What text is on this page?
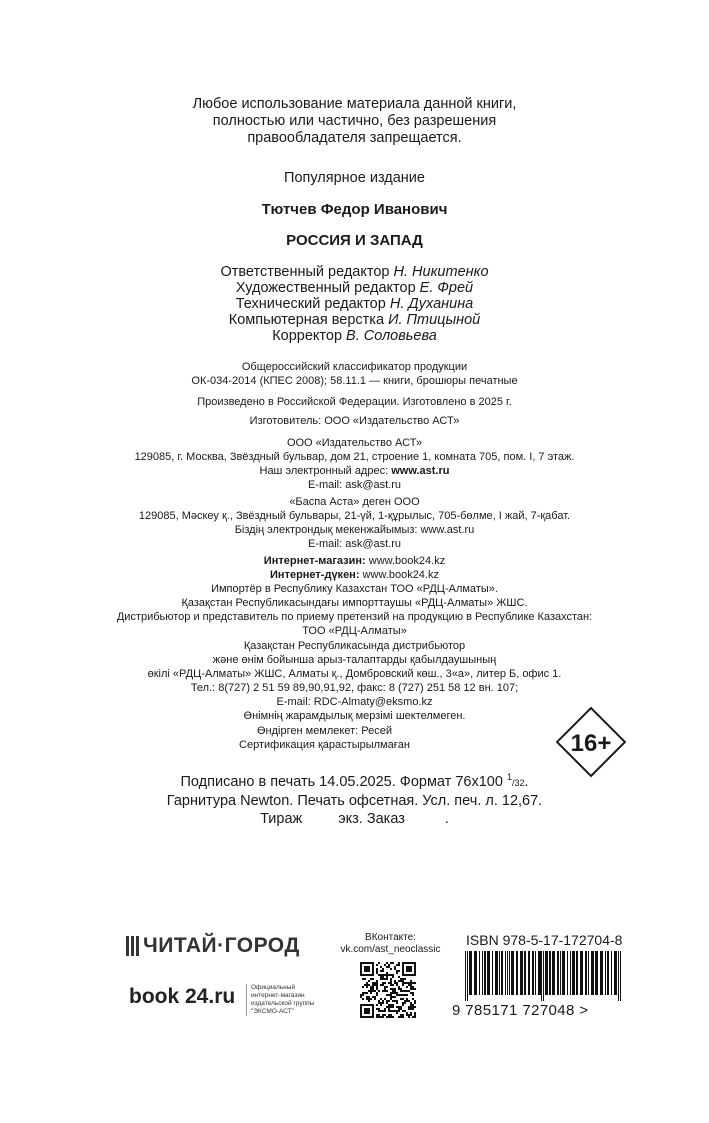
Любое использование материала данной книги,
полностью или частично, без разрешения
правообладателя запрещается.
Популярное издание
Тютчев Федор Иванович
РОССИЯ И ЗАПАД
Ответственный редактор Н. Никитенко
Художественный редактор Е. Фрей
Технический редактор Н. Духанина
Компьютерная верстка И. Птицыной
Корректор В. Соловьева
Общероссийский классификатор продукции
ОК-034-2014 (КПЕС 2008); 58.11.1 — книги, брошюры печатные
Произведено в Российской Федерации. Изготовлено в 2025 г.
Изготовитель: ООО «Издательство АСТ»
ООО «Издательство АСТ»
129085, г. Москва, Звёздный бульвар, дом 21, строение 1, комната 705, пом. I, 7 этаж.
Наш электронный адрес: www.ast.ru
E-mail: ask@ast.ru
«Баспа Аста» деген ООО
129085, Мәскеу қ., Звёздный бульвары, 21-үй, 1-құрылыс, 705-бөлме, I жай, 7-қабат.
Біздің электрондық мекенжайымыз: www.ast.ru
E-mail: ask@ast.ru
Интернет-магазин: www.book24.kz
Интернет-дүкен: www.book24.kz
Импортёр в Республику Казахстан ТОО «РДЦ-Алматы».
Қазақстан Республикасындағы импорттаушы «РДЦ-Алматы» ЖШС.
Дистрибьютор и представитель по приему претензий на продукцию в Республике Казахстан:
ТОО «РДЦ-Алматы»
Қазақстан Республикасында дистрибьютор
және өнім бойынша арыз-талаптарды қабылдаушының
өкілі «РДЦ-Алматы» ЖШС, Алматы қ., Домбровский көш., 3«а», литер Б, офис 1.
Тел.: 8(727) 2 51 59 89,90,91,92, факс: 8 (727) 251 58 12 вн. 107;
E-mail: RDC-Almaty@eksmo.kz
Өнімнің жарамдылық мерзімі шектелмеген.
Өндірген мемлекет: Ресей
Сертификация қарастырылмаған	16+
Подписано в печать 14.05.2025. Формат 76x100 $^1$/32.
Гарнитура Newton. Печать офсетная. Усл. печ. л. 12,67.
Тираж экз. Заказ	.
ЧИТАЙ·ГОРОД
book 24.ru Официальный
интернет-магазин
издательской группы
"ЭКСМО-АСТ"
ВКонтакте:
vk.com/ast_neoclassic
ISBN 978-5-17-172704-8
9 785171 727048 >
